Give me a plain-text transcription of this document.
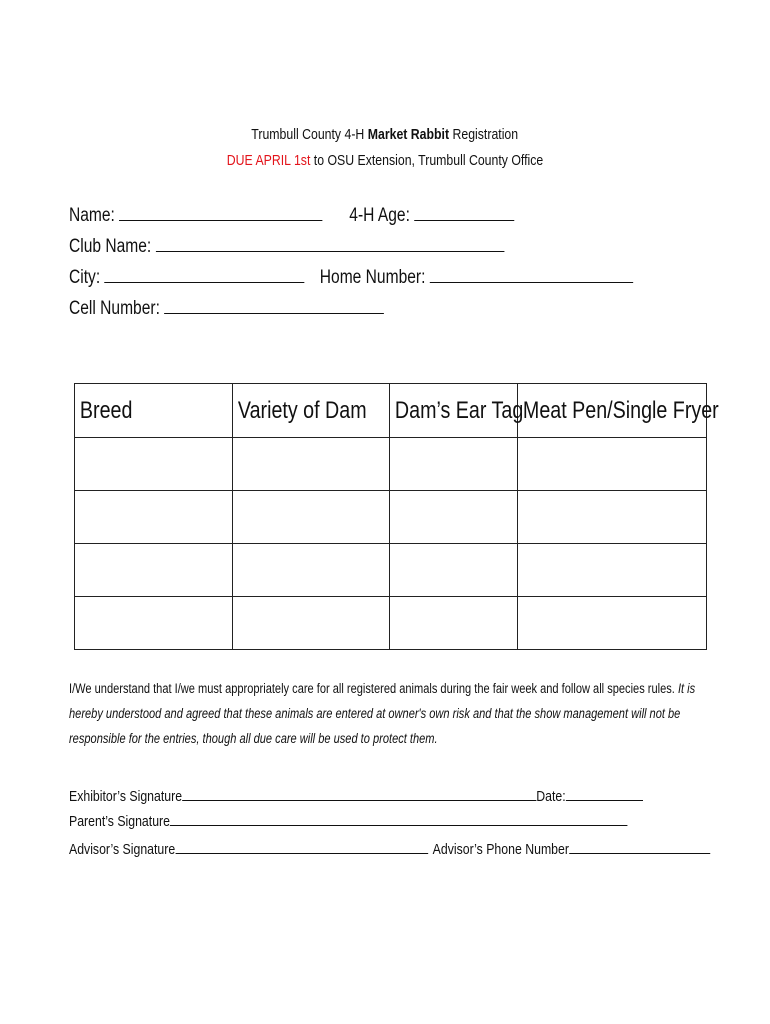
Trumbull County 4-H Market Rabbit Registration
DUE APRIL 1st to OSU Extension, Trumbull County Office
Name:	4-H Age:
Club Name:
City:	Home Number:
Cell Number:
Breed	Variety of Dam	Dam’s Ear Tag	Meat Pen/Single Fryer

I/We understand that I/we must appropriately care for all registered animals during the fair week and follow all species rules. It is hereby understood and agreed that these animals are entered at owner's own risk and that the show management will not be responsible for the entries, though all due care will be used to protect them.
Exhibitor’s Signature	Date:
Parent’s Signature
Advisor’s Signature	Advisor’s Phone Number
